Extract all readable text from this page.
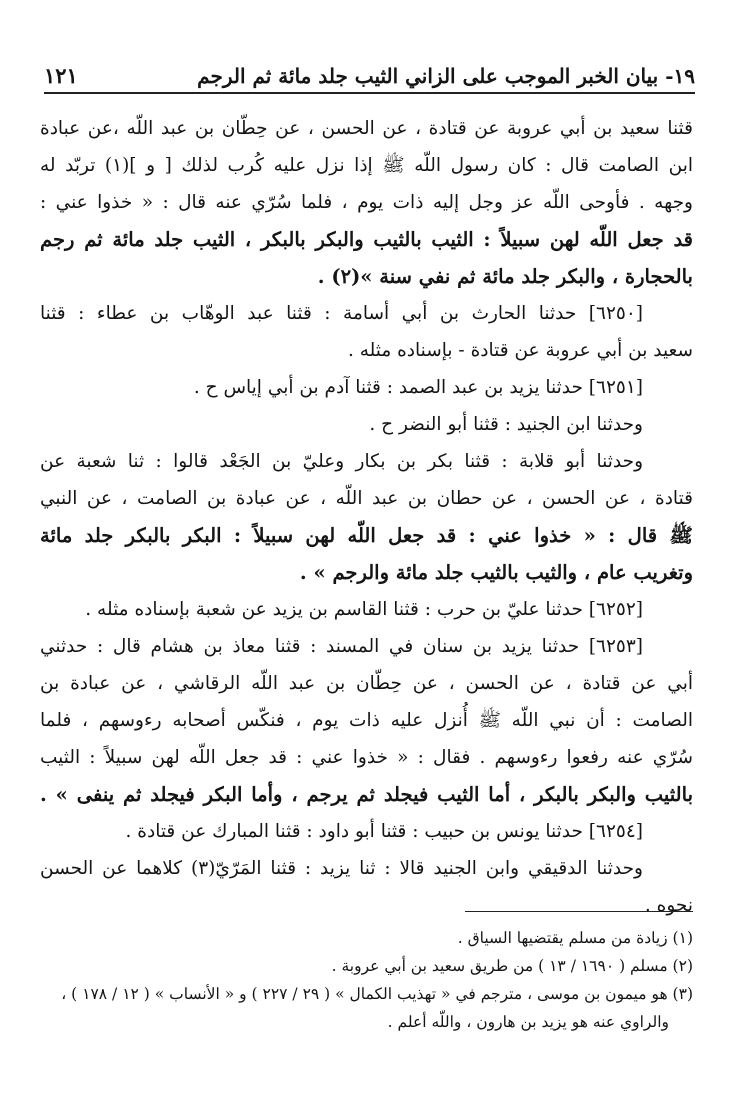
١٩- بيان الخبر الموجب على الزاني الثيب جلد مائة ثم الرجم
١٢١
قثنا سعيد بن أبي عروبة عن قتادة ، عن الحسن ، عن حِطّان بن عبد اللّه ،عن عبادة
ابن الصامت قال : كان رسول اللّه ﷺ إذا نزل عليه كُرب لذلك [ و ](١) تربّد له
وجهه . فأوحى اللّه عز وجل إليه ذات يوم ، فلما سُرّي عنه قال : « خذوا عني :
قد جعل اللّه لهن سبيلاً : الثيب بالثيب والبكر بالبكر ، الثيب جلد مائة ثم رجم
بالحجارة ، والبكر جلد مائة ثم نفي سنة »(٢) .
[٦٢٥٠] حدثنا الحارث بن أبي أسامة : قثنا عبد الوهّاب بن عطاء : قثنا
سعيد بن أبي عروبة عن قتادة - بإسناده مثله .
[٦٢٥١] حدثنا يزيد بن عبد الصمد : قثنا آدم بن أبي إياس ح .
وحدثنا ابن الجنيد : قثنا أبو النضر ح .
وحدثنا أبو قلابة : قثنا بكر بن بكار وعليّ بن الجَعْد قالوا : ثنا شعبة عن
قتادة ، عن الحسن ، عن حطان بن عبد اللّه ، عن عبادة بن الصامت ، عن النبي
ﷺ قال : « خذوا عني : قد جعل اللّه لهن سبيلاً : البكر بالبكر جلد مائة
وتغريب عام ، والثيب بالثيب جلد مائة والرجم » .
[٦٢٥٢] حدثنا عليّ بن حرب : قثنا القاسم بن يزيد عن شعبة بإسناده مثله .
[٦٢٥٣] حدثنا يزيد بن سنان في المسند : قثنا معاذ بن هشام قال : حدثني
أبي عن قتادة ، عن الحسن ، عن حِطّان بن عبد اللّه الرقاشي ، عن عبادة بن
الصامت : أن نبي اللّه ﷺ أُنزل عليه ذات يوم ، فنكّس أصحابه رءوسهم ، فلما
سُرّي عنه رفعوا رءوسهم . فقال : « خذوا عني : قد جعل اللّه لهن سبيلاً : الثيب
بالثيب والبكر بالبكر ، أما الثيب فيجلد ثم يرجم ، وأما البكر فيجلد ثم ينفى » .
[٦٢٥٤] حدثنا يونس بن حبيب : قثنا أبو داود : قثنا المبارك عن قتادة .
وحدثنا الدقيقي وابن الجنيد قالا : ثنا يزيد : قثنا المَرّيّ(٣) كلاهما عن الحسن
نحوه .
(١) زيادة من مسلم يقتضيها السياق .
(٢) مسلم ( ١٦٩٠ / ١٣ ) من طريق سعيد بن أبي عروبة .
(٣) هو ميمون بن موسى ، مترجم في « تهذيب الكمال » ( ٢٩ / ٢٢٧ ) و « الأنساب » ( ١٢ / ١٧٨ ) ،
والراوي عنه هو يزيد بن هارون ، واللّه أعلم .
